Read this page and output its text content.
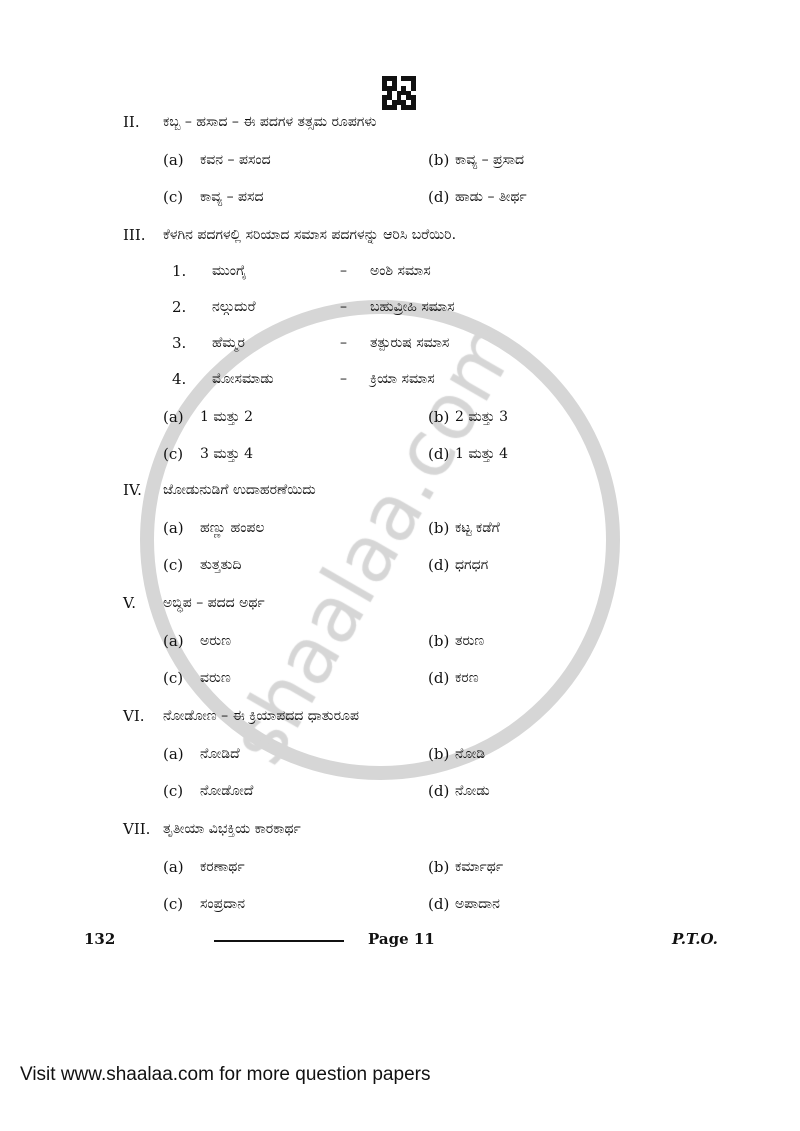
II. ಕಬ್ಬ – ಹಸಾದ – ಈ ಪದಗಳ ತತ್ಸಮ ರೂಪಗಳು
(a) ಕವನ – ಪಸಂದ	(b) ಕಾವ್ಯ – ಪ್ರಸಾದ
(c) ಕಾವ್ಯ – ಪಸದ	(d) ಹಾಡು – ತೀರ್ಥ
III. ಕೆಳಗಿನ ಪದಗಳಲ್ಲಿ ಸರಿಯಾದ ಸಮಾಸ ಪದಗಳನ್ನು ಆರಿಸಿ ಬರೆಯಿರಿ.
1. ಮುಂಗೈ	–	ಅಂಶಿ ಸಮಾಸ
2. ನಲ್ಗುದುರೆ	–	ಬಹುವ್ರೀಹಿ ಸಮಾಸ
3. ಹೆಮ್ಮರ	–	ತತ್ಪುರುಷ ಸಮಾಸ
4. ಮೋಸಮಾಡು	–	ಕ್ರಿಯಾ ಸಮಾಸ
(a) 1 ಮತ್ತು 2	(b) 2 ಮತ್ತು 3
(c) 3 ಮತ್ತು 4	(d) 1 ಮತ್ತು 4
IV. ಜೋಡುನುಡಿಗೆ ಉದಾಹರಣೆಯಿದು
(a) ಹಣ್ಣು ಹಂಪಲ	(b) ಕಟ್ಟ ಕಡೆಗೆ
(c) ತುತ್ತತುದಿ	(d) ಧಗಧಗ
V. ಅಬ್ಧಿಪ – ಪದದ ಅರ್ಥ
(a) ಅರುಣ	(b) ತರುಣ
(c) ವರುಣ	(d) ಕರಣ
VI. ನೋಡೋಣ – ಈ ಕ್ರಿಯಾಪದದ ಧಾತುರೂಪ
(a) ನೋಡಿದೆ	(b) ನೋಡಿ
(c) ನೋಡೋದೆ	(d) ನೋಡು
VII. ತೃತೀಯಾ ವಿಭಕ್ತಿಯ ಕಾರಕಾರ್ಥ
(a) ಕರಣಾರ್ಥ	(b) ಕರ್ಮಾರ್ಥ
(c) ಸಂಪ್ರದಾನ	(d) ಅಪಾದಾನ
132	Page 11	P.T.O.
Visit www.shaalaa.com for more question papers
